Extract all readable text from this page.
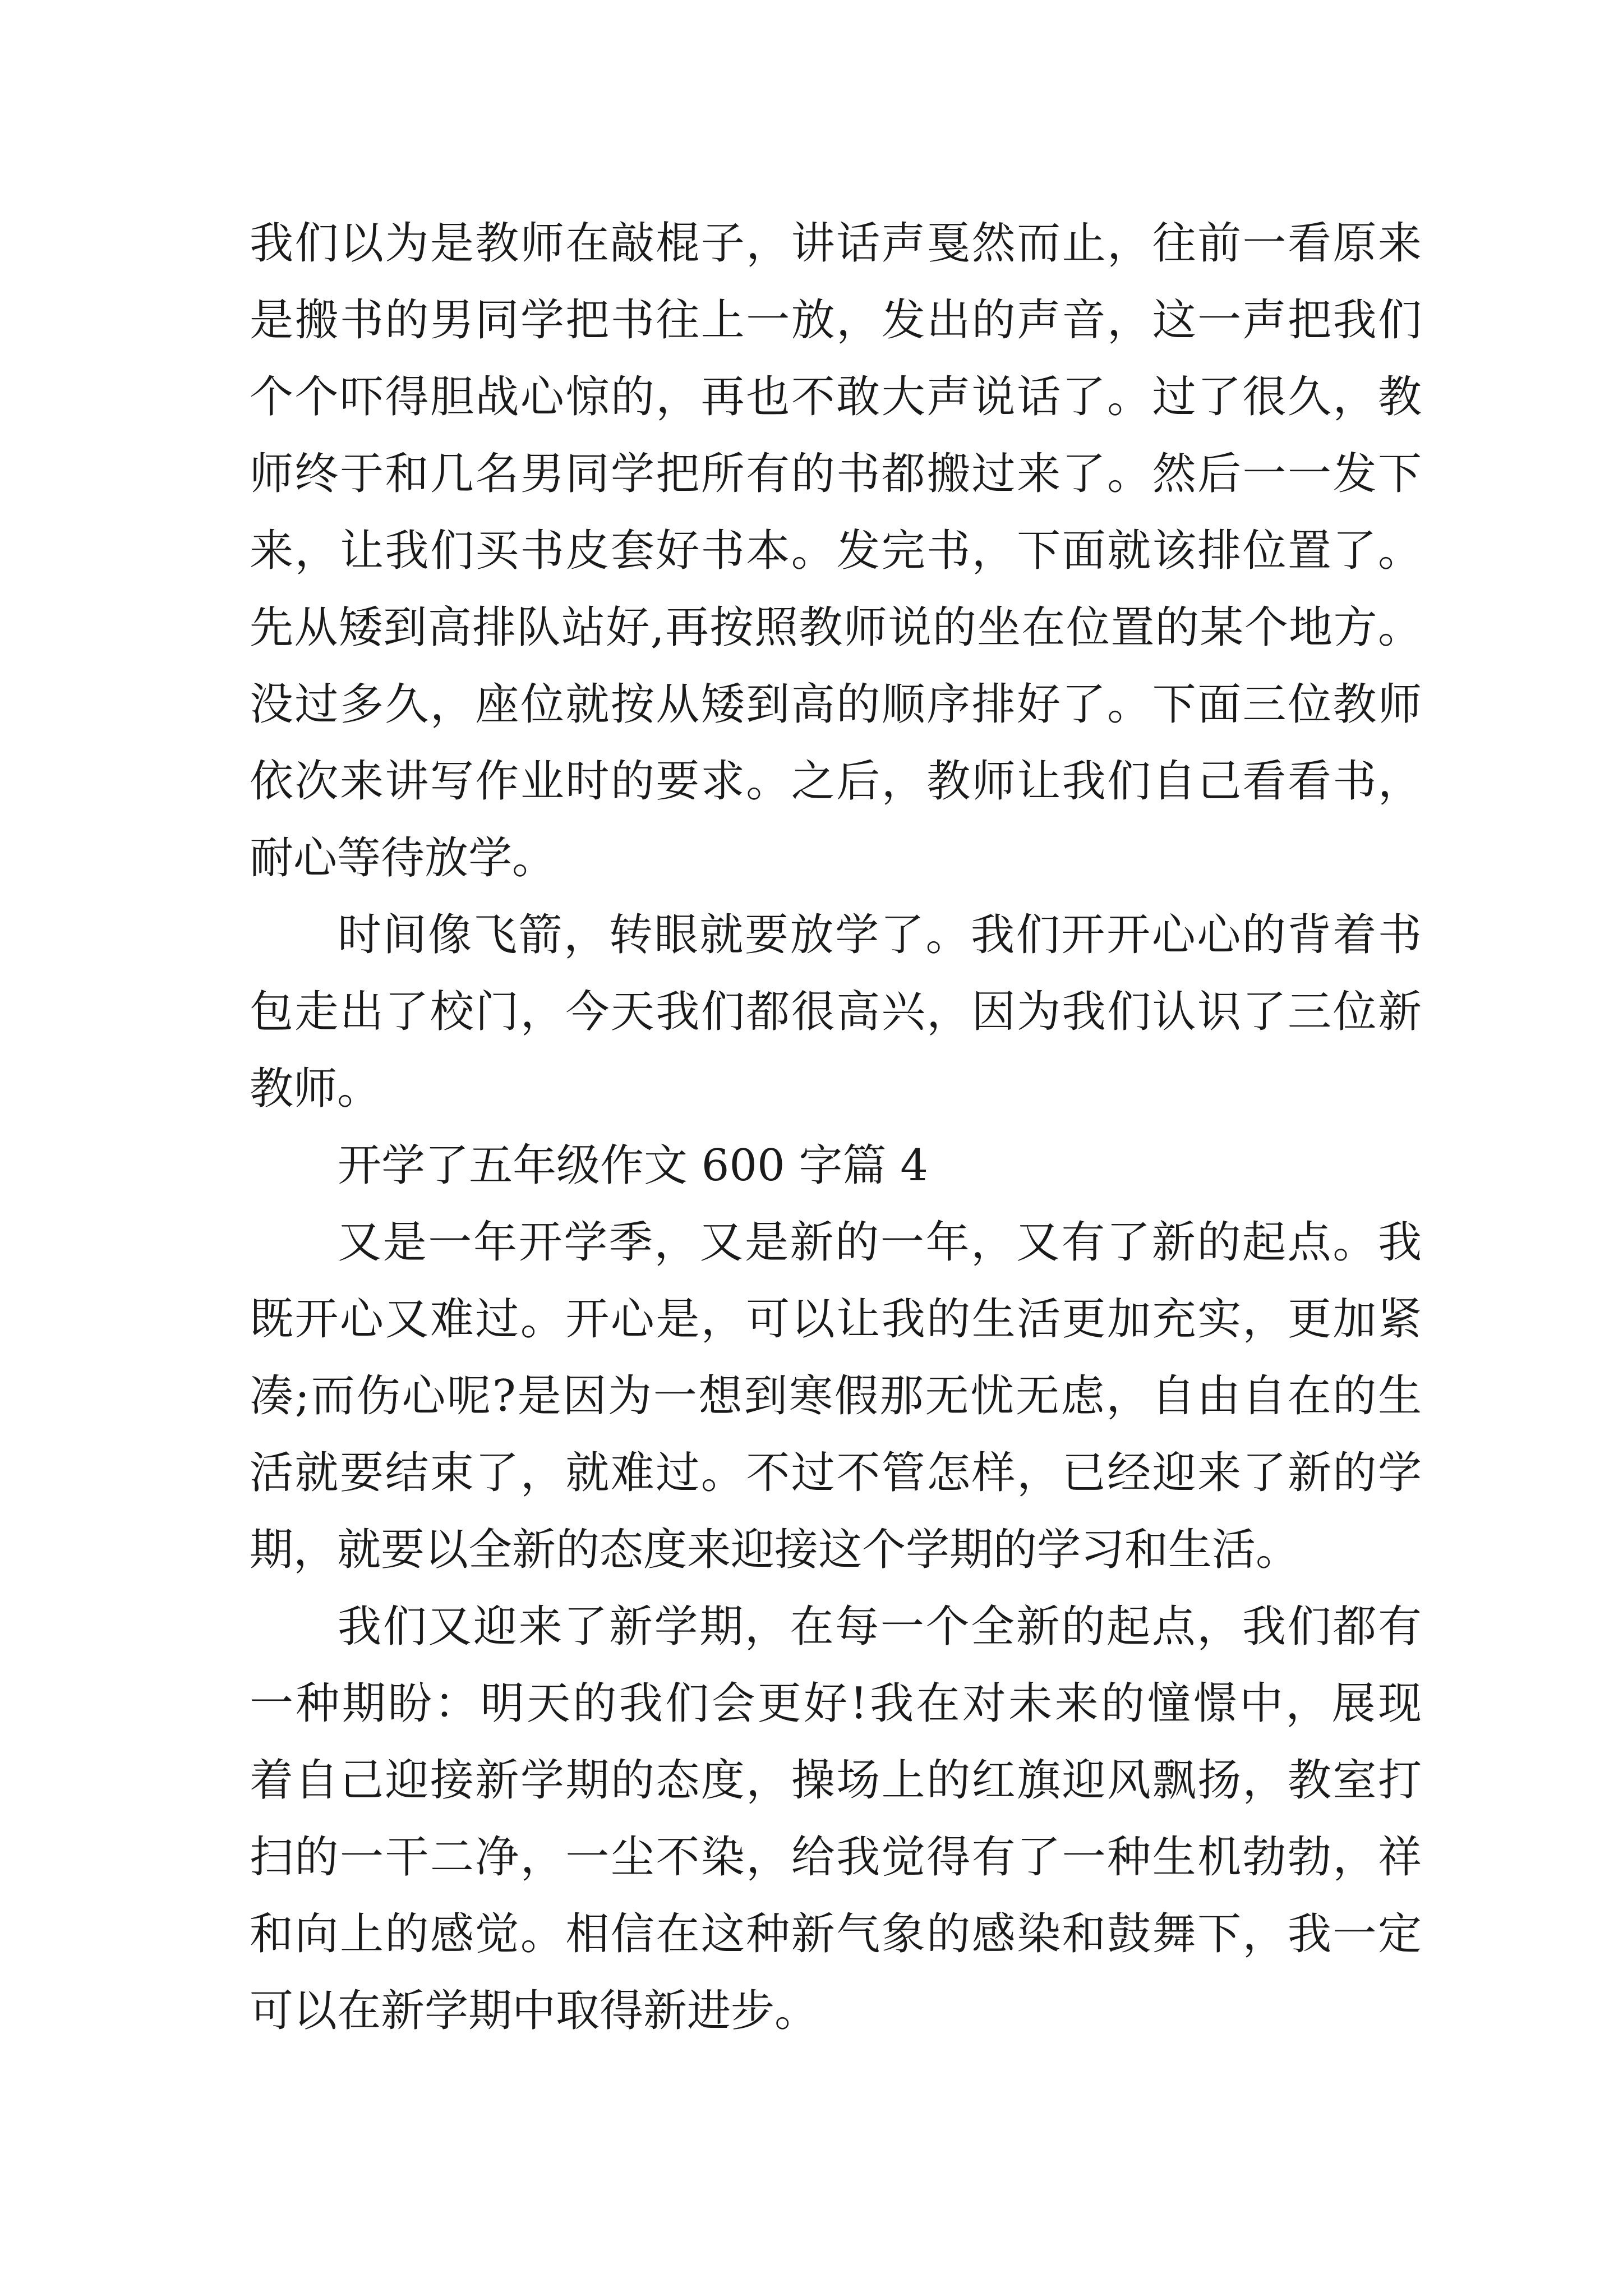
我们以为是教师在敲棍子，讲话声戛然而止，往前一看原来
是搬书的男同学把书往上一放，发出的声音，这一声把我们
个个吓得胆战心惊的，再也不敢大声说话了。过了很久，教
师终于和几名男同学把所有的书都搬过来了。然后一一发下
来，让我们买书皮套好书本。发完书，下面就该排位置了。
先从矮到高排队站好,再按照教师说的坐在位置的某个地方。
没过多久，座位就按从矮到高的顺序排好了。下面三位教师
依次来讲写作业时的要求。之后，教师让我们自己看看书，
耐心等待放学。
时间像飞箭，转眼就要放学了。我们开开心心的背着书
包走出了校门，今天我们都很高兴，因为我们认识了三位新
教师。
开学了五年级作文 600 字篇 4
又是一年开学季，又是新的一年，又有了新的起点。我
既开心又难过。开心是，可以让我的生活更加充实，更加紧
凑;而伤心呢?是因为一想到寒假那无忧无虑，自由自在的生
活就要结束了，就难过。不过不管怎样，已经迎来了新的学
期，就要以全新的态度来迎接这个学期的学习和生活。
我们又迎来了新学期，在每一个全新的起点，我们都有
一种期盼：明天的我们会更好!我在对未来的憧憬中，展现
着自己迎接新学期的态度，操场上的红旗迎风飘扬，教室打
扫的一干二净，一尘不染，给我觉得有了一种生机勃勃，祥
和向上的感觉。相信在这种新气象的感染和鼓舞下，我一定
可以在新学期中取得新进步。
